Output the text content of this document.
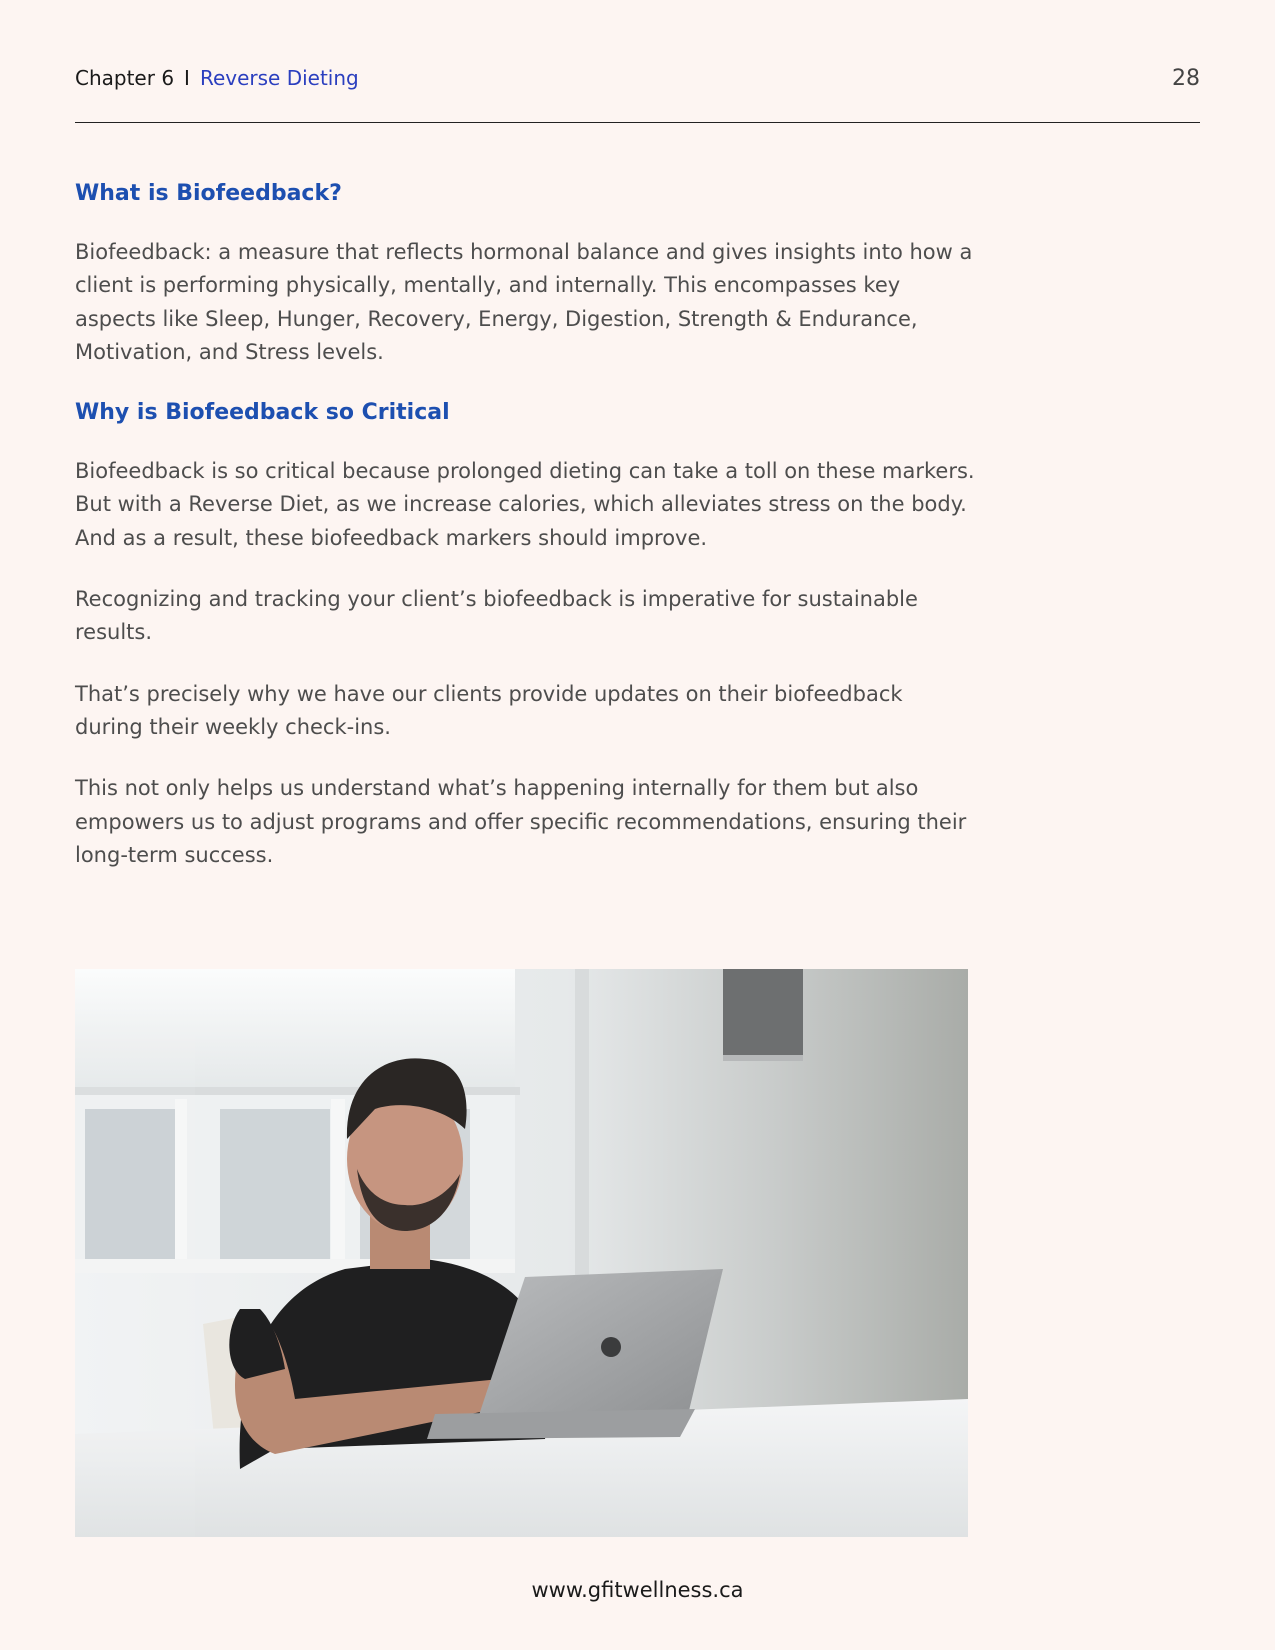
Chapter 6 I Reverse Dieting	28
What is Biofeedback?

Biofeedback: a measure that reflects hormonal balance and gives insights into how a client is performing physically, mentally, and internally. This encompasses key aspects like Sleep, Hunger, Recovery, Energy, Digestion, Strength & Endurance, Motivation, and Stress levels.

Why is Biofeedback so Critical

Biofeedback is so critical because prolonged dieting can take a toll on these markers. But with a Reverse Diet, as we increase calories, which alleviates stress on the body. And as a result, these biofeedback markers should improve.

Recognizing and tracking your client’s biofeedback is imperative for sustainable results.

That’s precisely why we have our clients provide updates on their biofeedback during their weekly check-ins.

This not only helps us understand what’s happening internally for them but also empowers us to adjust programs and offer specific recommendations, ensuring their long-term success.

www.gfitwellness.ca
